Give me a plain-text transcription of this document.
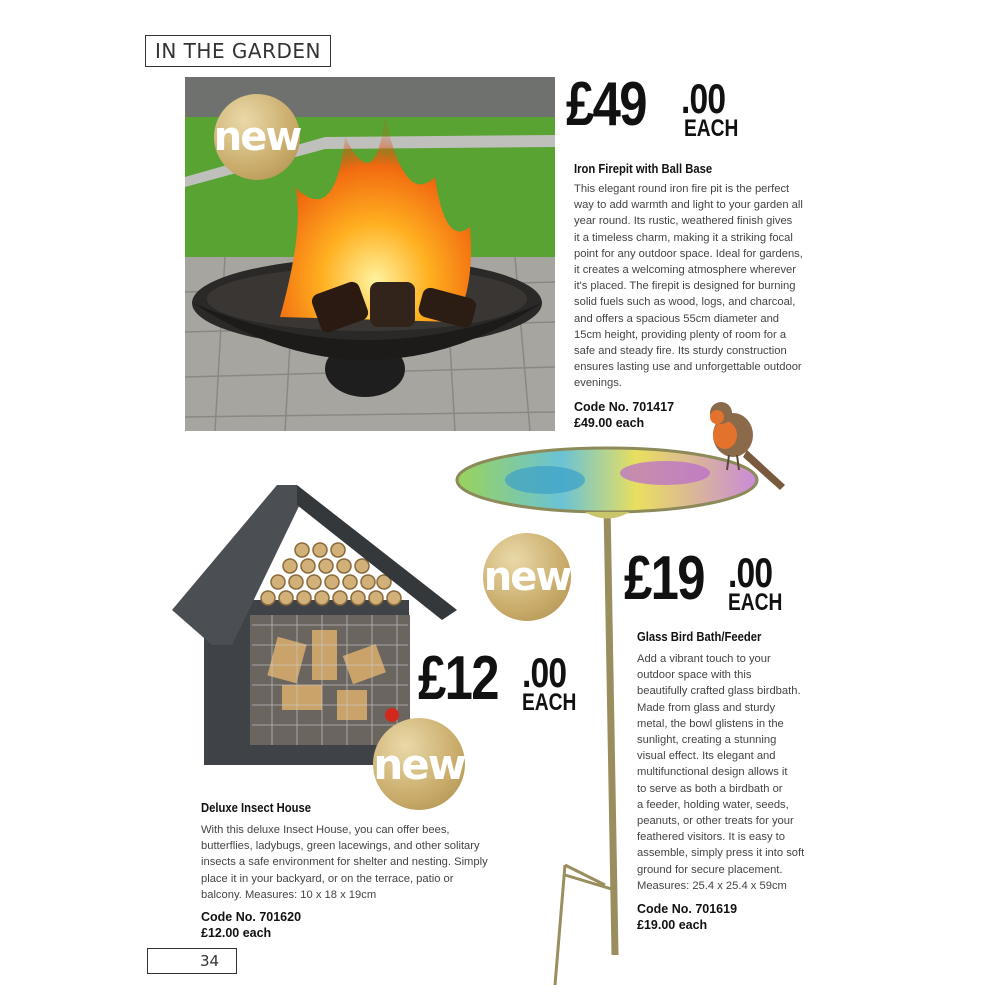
IN THE GARDEN
new	£49 .00
EACH
Iron Firepit with Ball Base
This elegant round iron fire pit is the perfect
way to add warmth and light to your garden all
year round. Its rustic, weathered finish gives
it a timeless charm, making it a striking focal
point for any outdoor space. Ideal for gardens,
it creates a welcoming atmosphere wherever
it's placed. The firepit is designed for burning
solid fuels such as wood, logs, and charcoal,
and offers a spacious 55cm diameter and
15cm height, providing plenty of room for a
safe and steady fire. Its sturdy construction
ensures lasting use and unforgettable outdoor
evenings.
Code No. 701417
£49.00 each
new £19 .00
EACH
Glass Bird Bath/Feeder
Add a vibrant touch to your
outdoor space with this
beautifully crafted glass birdbath.
Made from glass and sturdy
metal, the bowl glistens in the
sunlight, creating a stunning
visual effect. Its elegant and
multifunctional design allows it
to serve as both a birdbath or
a feeder, holding water, seeds,
peanuts, or other treats for your
feathered visitors. It is easy to
assemble, simply press it into soft
ground for secure placement.
Measures: 25.4 x 25.4 x 59cm
Code No. 701619
£19.00 each
£12 .00
EACH
new
Deluxe Insect House
With this deluxe Insect House, you can offer bees,
butterflies, ladybugs, green lacewings, and other solitary
insects a safe environment for shelter and nesting. Simply
place it in your backyard, or on the terrace, patio or
balcony. Measures: 10 x 18 x 19cm
Code No. 701620
£12.00 each
34
